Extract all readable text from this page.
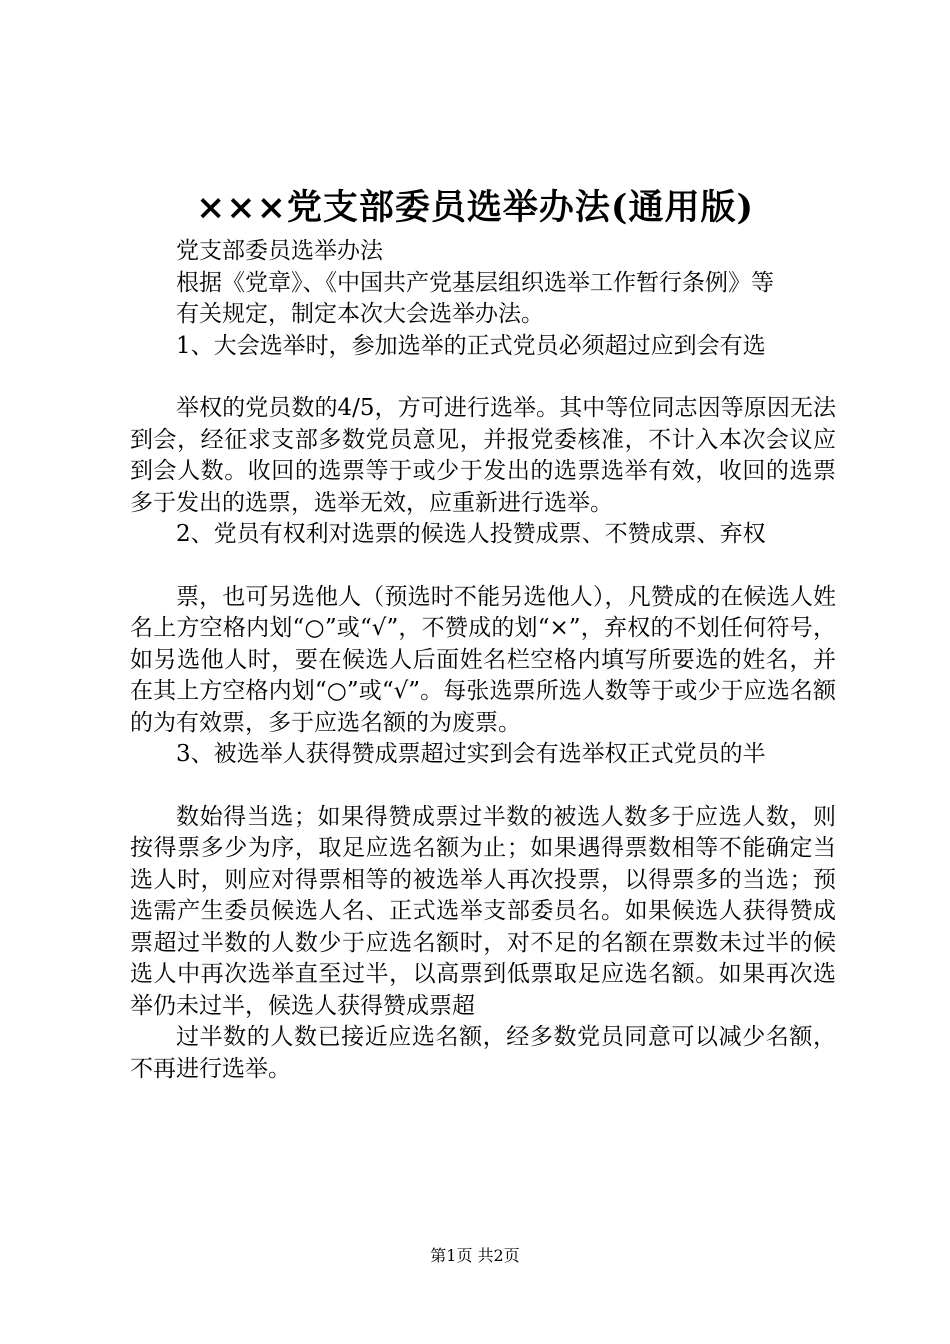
×××党支部委员选举办法(通用版)

党支部委员选举办法

根据《党章》、《中国共产党基层组织选举工作暂行条例》等

有关规定，制定本次大会选举办法。

1、大会选举时，参加选举的正式党员必须超过应到会有选

举权的党员数的4/5，方可进行选举。其中等位同志因等原因无法到会，经征求支部多数党员意见，并报党委核准，不计入本次会议应到会人数。收回的选票等于或少于发出的选票选举有效，收回的选票多于发出的选票，选举无效，应重新进行选举。

2、党员有权利对选票的候选人投赞成票、不赞成票、弃权

票，也可另选他人（预选时不能另选他人），凡赞成的在候选人姓名上方空格内划“○”或“√”，不赞成的划“×”，弃权的不划任何符号，如另选他人时，要在候选人后面姓名栏空格内填写所要选的姓名，并在其上方空格内划“○”或“√”。每张选票所选人数等于或少于应选名额的为有效票，多于应选名额的为废票。

3、被选举人获得赞成票超过实到会有选举权正式党员的半

数始得当选；如果得赞成票过半数的被选人数多于应选人数，则按得票多少为序，取足应选名额为止；如果遇得票数相等不能确定当选人时，则应对得票相等的被选举人再次投票，以得票多的当选；预选需产生委员候选人名、正式选举支部委员名。如果候选人获得赞成票超过半数的人数少于应选名额时，对不足的名额在票数未过半的候选人中再次选举直至过半，以高票到低票取足应选名额。如果再次选举仍未过半，候选人获得赞成票超

过半数的人数已接近应选名额，经多数党员同意可以减少名额，不再进行选举。

第1页 共2页
